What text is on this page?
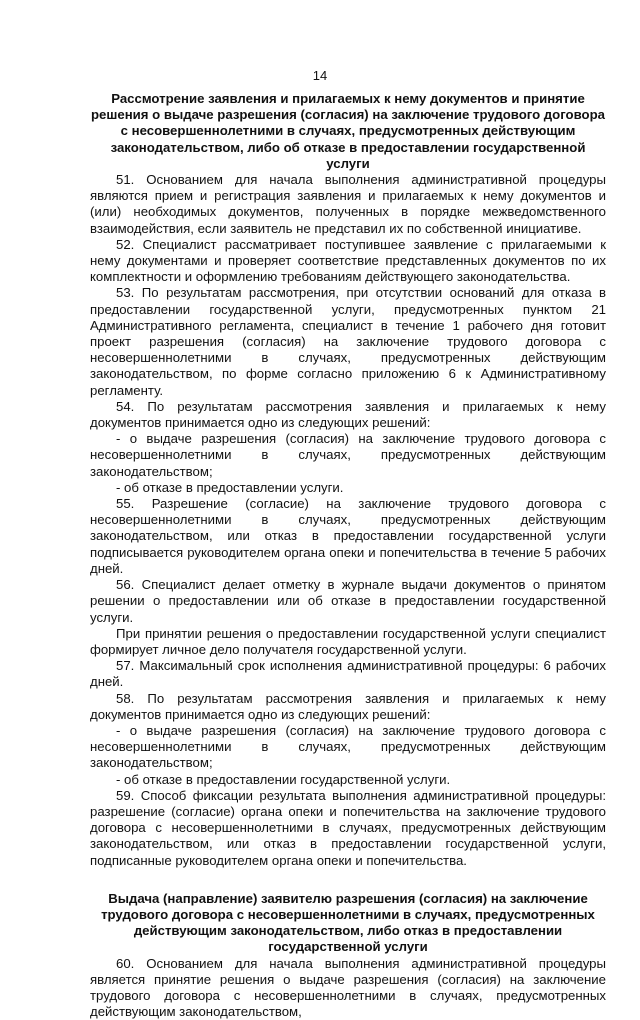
14

Рассмотрение заявления и прилагаемых к нему документов и принятие решения о выдаче разрешения (согласия) на заключение трудового договора с несовершеннолетними в случаях, предусмотренных действующим законодательством, либо об отказе в предоставлении государственной услуги

51. Основанием для начала выполнения административной процедуры являются прием и регистрация заявления и прилагаемых к нему документов и (или) необходимых документов, полученных в порядке межведомственного взаимодействия, если заявитель не представил их по собственной инициативе.

52. Специалист рассматривает поступившее заявление с прилагаемыми к нему документами и проверяет соответствие представленных документов по их комплектности и оформлению требованиям действующего законодательства.

53. По результатам рассмотрения, при отсутствии оснований для отказа в предоставлении государственной услуги, предусмотренных пунктом 21 Административного регламента, специалист в течение 1 рабочего дня готовит проект разрешения (согласия) на заключение трудового договора с несовершеннолетними в случаях, предусмотренных действующим законодательством, по форме согласно приложению 6 к Административному регламенту.

54. По результатам рассмотрения заявления и прилагаемых к нему документов принимается одно из следующих решений:

- о выдаче разрешения (согласия) на заключение трудового договора с несовершеннолетними в случаях, предусмотренных действующим законодательством;

- об отказе в предоставлении услуги.

55. Разрешение (согласие) на заключение трудового договора с несовершеннолетними в случаях, предусмотренных действующим законодательством, или отказ в предоставлении государственной услуги подписывается руководителем органа опеки и попечительства в течение 5 рабочих дней.

56. Специалист делает отметку в журнале выдачи документов о принятом решении о предоставлении или об отказе в предоставлении государственной услуги.

При принятии решения о предоставлении государственной услуги специалист формирует личное дело получателя государственной услуги.

57. Максимальный срок исполнения административной процедуры: 6 рабочих дней.

58. По результатам рассмотрения заявления и прилагаемых к нему документов принимается одно из следующих решений:

- о выдаче разрешения (согласия) на заключение трудового договора с несовершеннолетними в случаях, предусмотренных действующим законодательством;

- об отказе в предоставлении государственной услуги.

59. Способ фиксации результата выполнения административной процедуры: разрешение (согласие) органа опеки и попечительства на заключение трудового договора с несовершеннолетними в случаях, предусмотренных действующим законодательством, или отказ в предоставлении государственной услуги, подписанные руководителем органа опеки и попечительства.

Выдача (направление) заявителю разрешения (согласия) на заключение трудового договора с несовершеннолетними в случаях, предусмотренных действующим законодательством, либо отказ в предоставлении государственной услуги

60. Основанием для начала выполнения административной процедуры является принятие решения о выдаче разрешения (согласия) на заключение трудового договора с несовершеннолетними в случаях, предусмотренных действующим законодательством,
